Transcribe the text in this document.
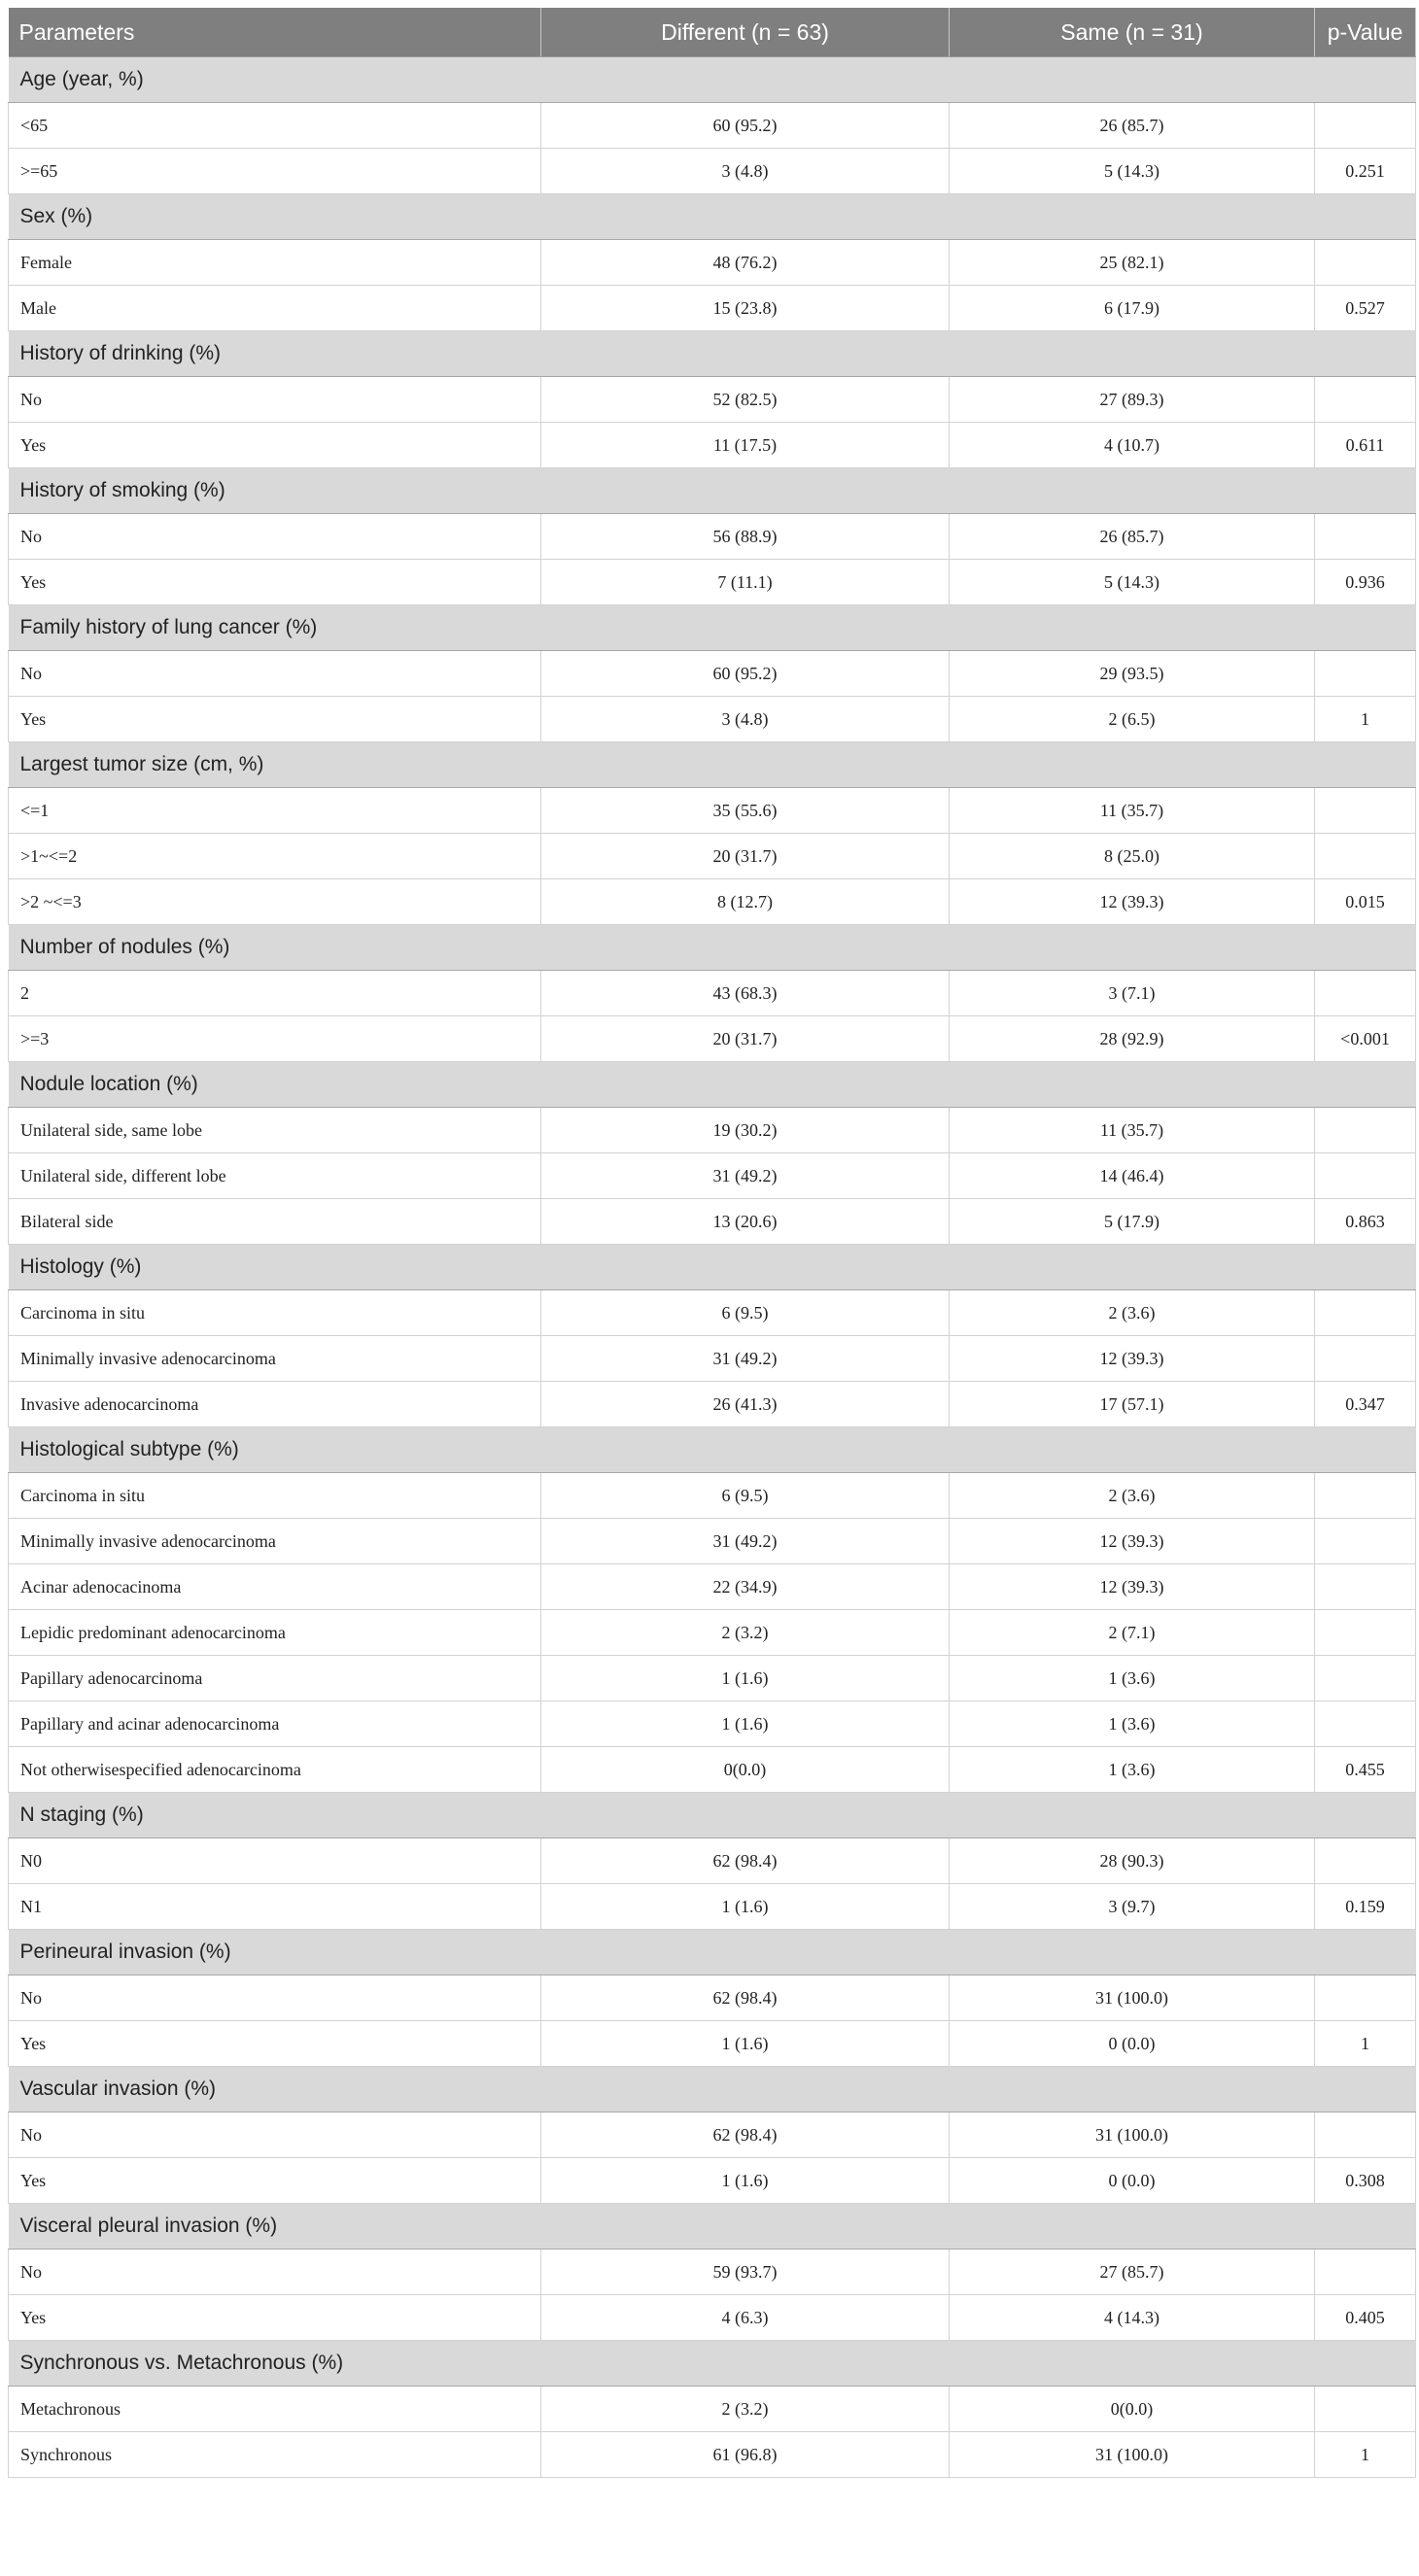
Parameters	Different (n = 63)	Same (n = 31)	p-Value
Age (year, %)			
<65	60 (95.2)	26 (85.7)	
>=65	3 (4.8)	5 (14.3)	0.251
Sex (%)			
Female	48 (76.2)	25 (82.1)	
Male	15 (23.8)	6 (17.9)	0.527
History of drinking (%)			
No	52 (82.5)	27 (89.3)	
Yes	11 (17.5)	4 (10.7)	0.611
History of smoking (%)			
No	56 (88.9)	26 (85.7)	
Yes	7 (11.1)	5 (14.3)	0.936
Family history of lung cancer (%)			
No	60 (95.2)	29 (93.5)	
Yes	3 (4.8)	2 (6.5)	1
Largest tumor size (cm, %)			
<=1	35 (55.6)	11 (35.7)	
>1~<=2	20 (31.7)	8 (25.0)	
>2 ~<=3	8 (12.7)	12 (39.3)	0.015
Number of nodules (%)			
2	43 (68.3)	3 (7.1)	
>=3	20 (31.7)	28 (92.9)	<0.001
Nodule location (%)			
Unilateral side, same lobe	19 (30.2)	11 (35.7)	
Unilateral side, different lobe	31 (49.2)	14 (46.4)	
Bilateral side	13 (20.6)	5 (17.9)	0.863
Histology (%)			
Carcinoma in situ	6 (9.5)	2 (3.6)	
Minimally invasive adenocarcinoma	31 (49.2)	12 (39.3)	
Invasive adenocarcinoma	26 (41.3)	17 (57.1)	0.347
Histological subtype (%)			
Carcinoma in situ	6 (9.5)	2 (3.6)	
Minimally invasive adenocarcinoma	31 (49.2)	12 (39.3)	
Acinar adenocacinoma	22 (34.9)	12 (39.3)	
Lepidic predominant adenocarcinoma	2 (3.2)	2 (7.1)	
Papillary adenocarcinoma	1 (1.6)	1 (3.6)	
Papillary and acinar adenocarcinoma	1 (1.6)	1 (3.6)	
Not otherwisespecified adenocarcinoma	0(0.0)	1 (3.6)	0.455
N staging (%)			
N0	62 (98.4)	28 (90.3)	
N1	1 (1.6)	3 (9.7)	0.159
Perineural invasion (%)			
No	62 (98.4)	31 (100.0)	
Yes	1 (1.6)	0 (0.0)	1
Vascular invasion (%)			
No	62 (98.4)	31 (100.0)	
Yes	1 (1.6)	0 (0.0)	0.308
Visceral pleural invasion (%)			
No	59 (93.7)	27 (85.7)	
Yes	4 (6.3)	4 (14.3)	0.405
Synchronous vs. Metachronous (%)			
Metachronous	2 (3.2)	0(0.0)	
Synchronous	61 (96.8)	31 (100.0)	1
